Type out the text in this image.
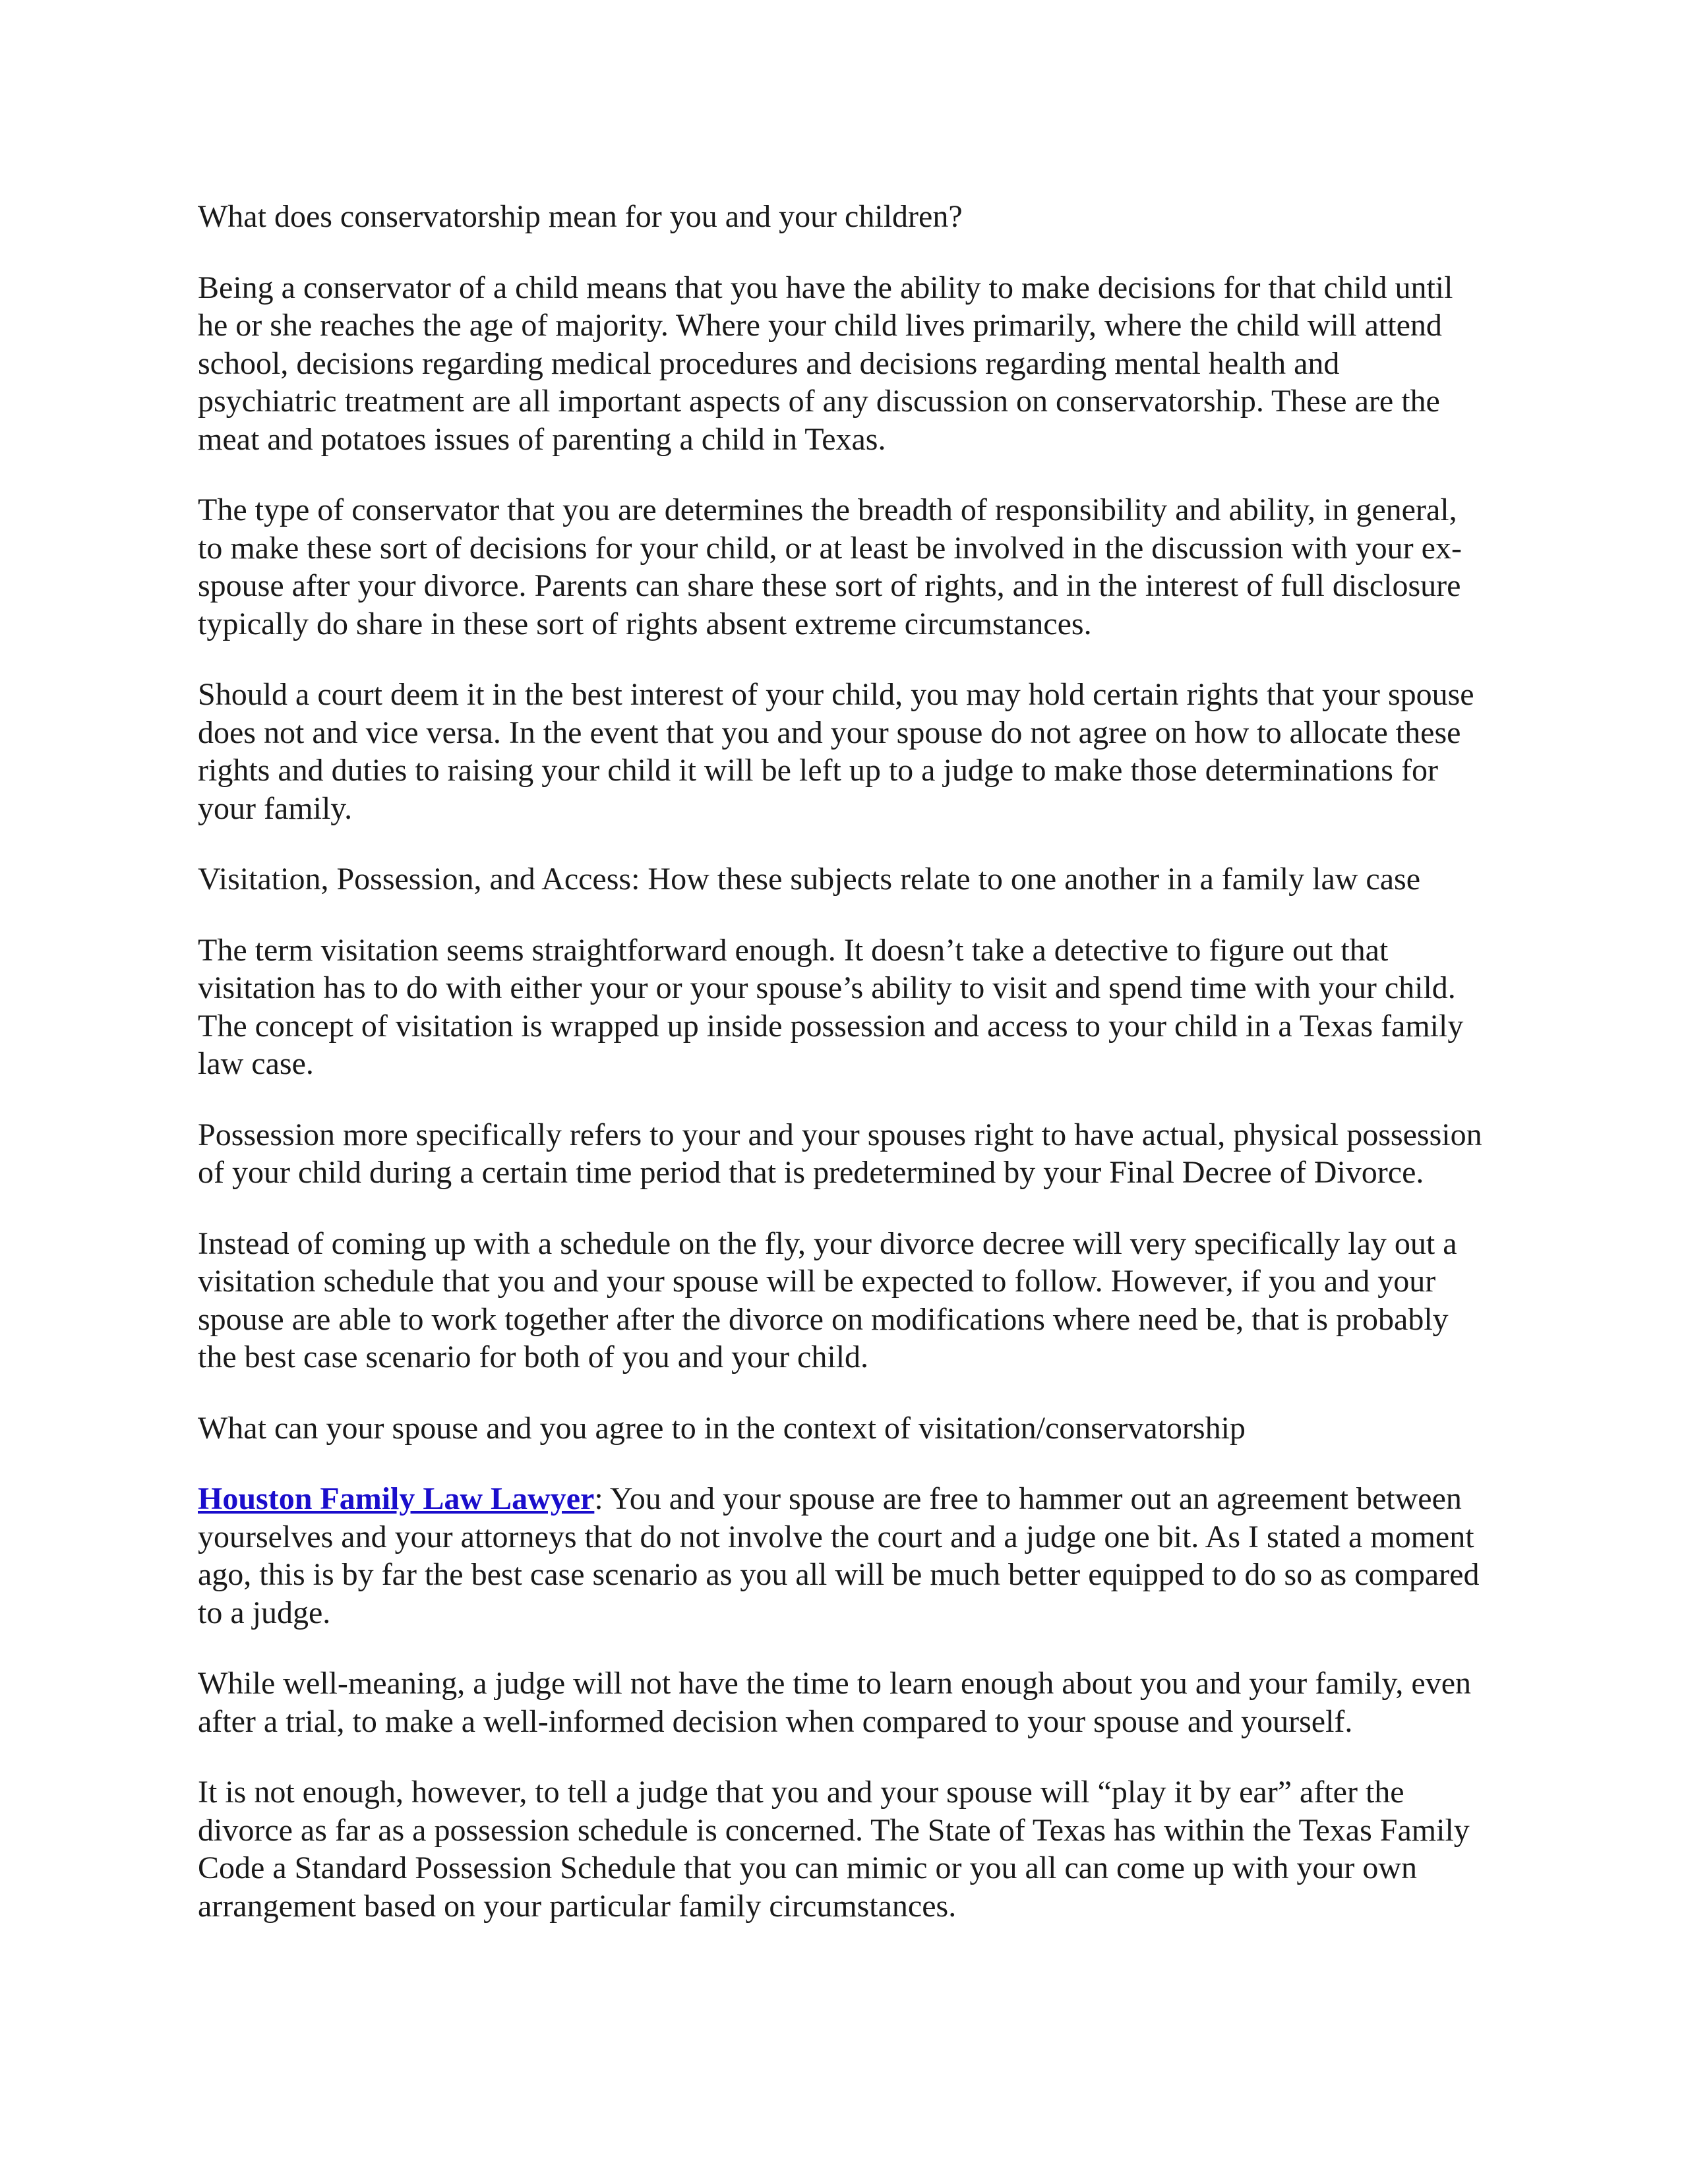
What does conservatorship mean for you and your children?

Being a conservator of a child means that you have the ability to make decisions for that child until he or she reaches the age of majority. Where your child lives primarily, where the child will attend school, decisions regarding medical procedures and decisions regarding mental health and psychiatric treatment are all important aspects of any discussion on conservatorship. These are the meat and potatoes issues of parenting a child in Texas.

The type of conservator that you are determines the breadth of responsibility and ability, in general, to make these sort of decisions for your child, or at least be involved in the discussion with your ex-spouse after your divorce. Parents can share these sort of rights, and in the interest of full disclosure typically do share in these sort of rights absent extreme circumstances.

Should a court deem it in the best interest of your child, you may hold certain rights that your spouse does not and vice versa. In the event that you and your spouse do not agree on how to allocate these rights and duties to raising your child it will be left up to a judge to make those determinations for your family.

Visitation, Possession, and Access: How these subjects relate to one another in a family law case

The term visitation seems straightforward enough. It doesn’t take a detective to figure out that visitation has to do with either your or your spouse’s ability to visit and spend time with your child. The concept of visitation is wrapped up inside possession and access to your child in a Texas family law case.

Possession more specifically refers to your and your spouses right to have actual, physical possession of your child during a certain time period that is predetermined by your Final Decree of Divorce.

Instead of coming up with a schedule on the fly, your divorce decree will very specifically lay out a visitation schedule that you and your spouse will be expected to follow. However, if you and your spouse are able to work together after the divorce on modifications where need be, that is probably the best case scenario for both of you and your child.

What can your spouse and you agree to in the context of visitation/conservatorship

Houston Family Law Lawyer: You and your spouse are free to hammer out an agreement between yourselves and your attorneys that do not involve the court and a judge one bit. As I stated a moment ago, this is by far the best case scenario as you all will be much better equipped to do so as compared to a judge.

While well-meaning, a judge will not have the time to learn enough about you and your family, even after a trial, to make a well-informed decision when compared to your spouse and yourself.

It is not enough, however, to tell a judge that you and your spouse will “play it by ear” after the divorce as far as a possession schedule is concerned. The State of Texas has within the Texas Family Code a Standard Possession Schedule that you can mimic or you all can come up with your own arrangement based on your particular family circumstances.
